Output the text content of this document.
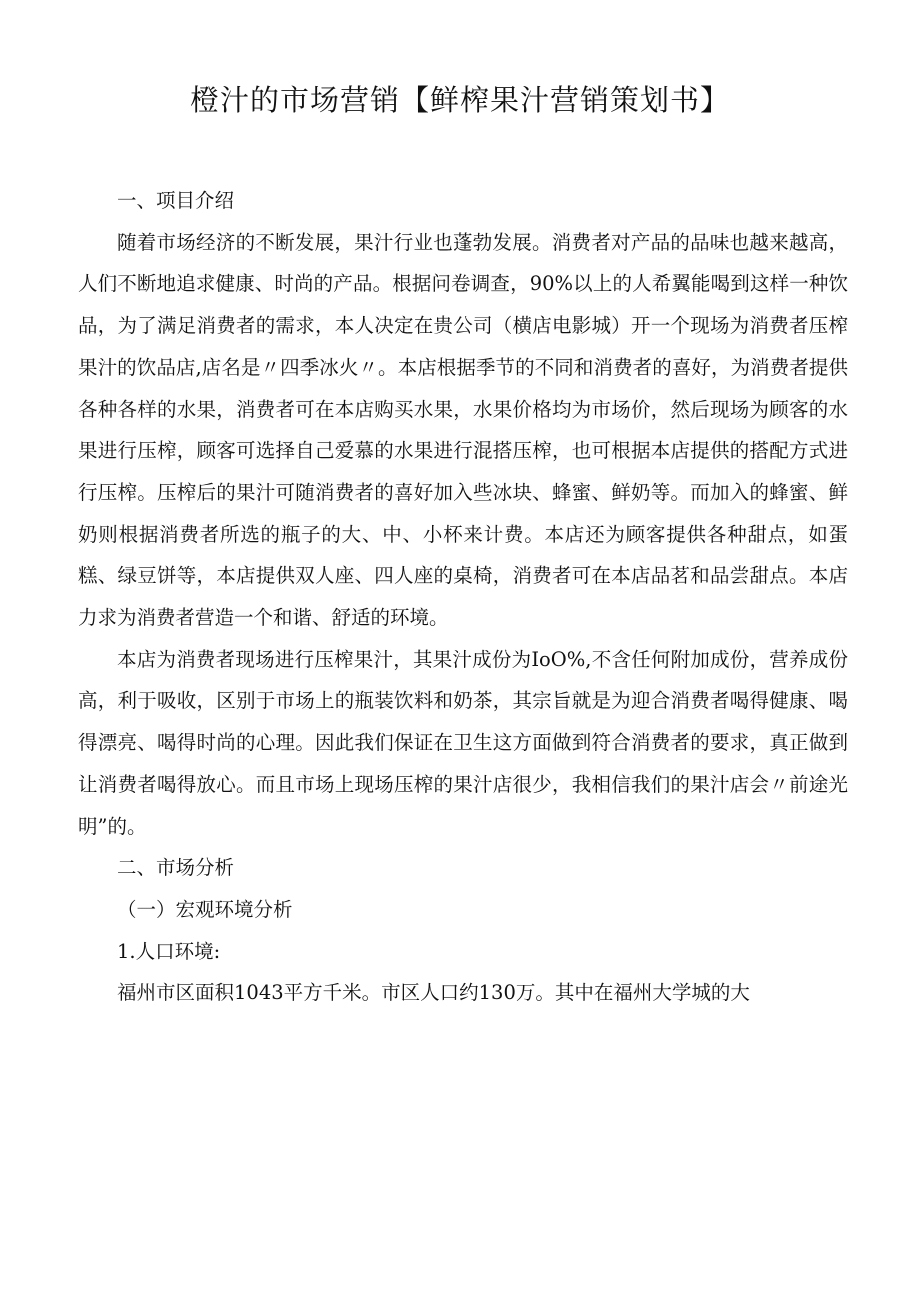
橙汁的市场营销【鲜榨果汁营销策划书】

一、项目介绍

随着市场经济的不断发展，果汁行业也蓬勃发展。消费者对产品的品味也越来越高，人们不断地追求健康、时尚的产品。根据问卷调查，90%以上的人希翼能喝到这样一种饮品，为了满足消费者的需求，本人决定在贵公司（横店电影城）开一个现场为消费者压榨果汁的饮品店,店名是〃四季冰火〃。本店根据季节的不同和消费者的喜好，为消费者提供各种各样的水果，消费者可在本店购买水果，水果价格均为市场价，然后现场为顾客的水果进行压榨，顾客可选择自己爱慕的水果进行混搭压榨，也可根据本店提供的搭配方式进行压榨。压榨后的果汁可随消费者的喜好加入些冰块、蜂蜜、鲜奶等。而加入的蜂蜜、鲜奶则根据消费者所选的瓶子的大、中、小杯来计费。本店还为顾客提供各种甜点，如蛋糕、绿豆饼等，本店提供双人座、四人座的桌椅，消费者可在本店品茗和品尝甜点。本店力求为消费者营造一个和谐、舒适的环境。

本店为消费者现场进行压榨果汁，其果汁成份为IoO%,不含任何附加成份，营养成份高，利于吸收，区别于市场上的瓶装饮料和奶茶，其宗旨就是为迎合消费者喝得健康、喝得漂亮、喝得时尚的心理。因此我们保证在卫生这方面做到符合消费者的要求，真正做到让消费者喝得放心。而且市场上现场压榨的果汁店很少，我相信我们的果汁店会〃前途光明”的。

二、市场分析

（一）宏观环境分析

1.人口环境:

福州市区面积1043平方千米。市区人口约130万。其中在福州大学城的大
